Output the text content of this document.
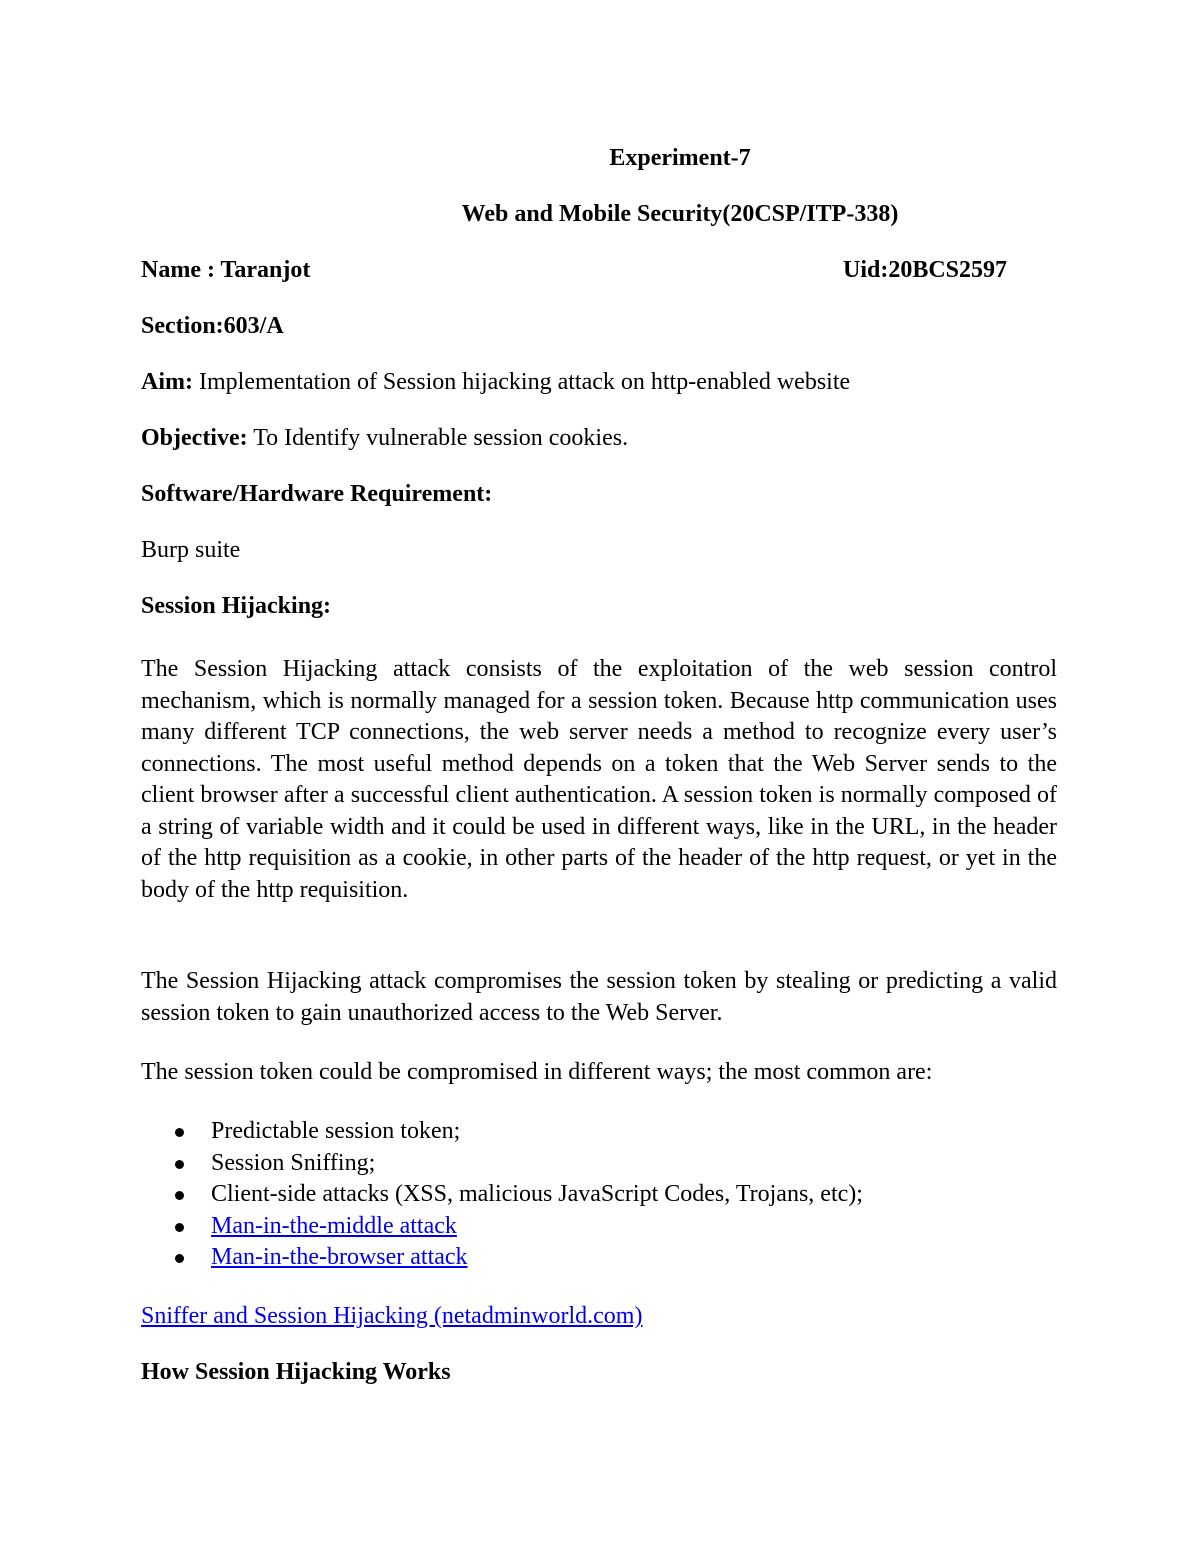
Experiment-7
Web and Mobile Security(20CSP/ITP-338)
Name : Taranjot	Uid:20BCS2597
Section:603/A
Aim: Implementation of Session hijacking attack on http-enabled website
Objective: To Identify vulnerable session cookies.
Software/Hardware Requirement:
Burp suite
Session Hijacking:
The Session Hijacking attack consists of the exploitation of the web session control mechanism, which is normally managed for a session token. Because http communication uses many different TCP connections, the web server needs a method to recognize every user’s connections. The most useful method depends on a token that the Web Server sends to the client browser after a successful client authentication. A session token is normally composed of a string of variable width and it could be used in different ways, like in the URL, in the header of the http requisition as a cookie, in other parts of the header of the http request, or yet in the body of the http requisition.
The Session Hijacking attack compromises the session token by stealing or predicting a valid session token to gain unauthorized access to the Web Server.
The session token could be compromised in different ways; the most common are:
Predictable session token;
Session Sniffing;
Client-side attacks (XSS, malicious JavaScript Codes, Trojans, etc);
Man-in-the-middle attack
Man-in-the-browser attack
Sniffer and Session Hijacking (netadminworld.com)
How Session Hijacking Works
